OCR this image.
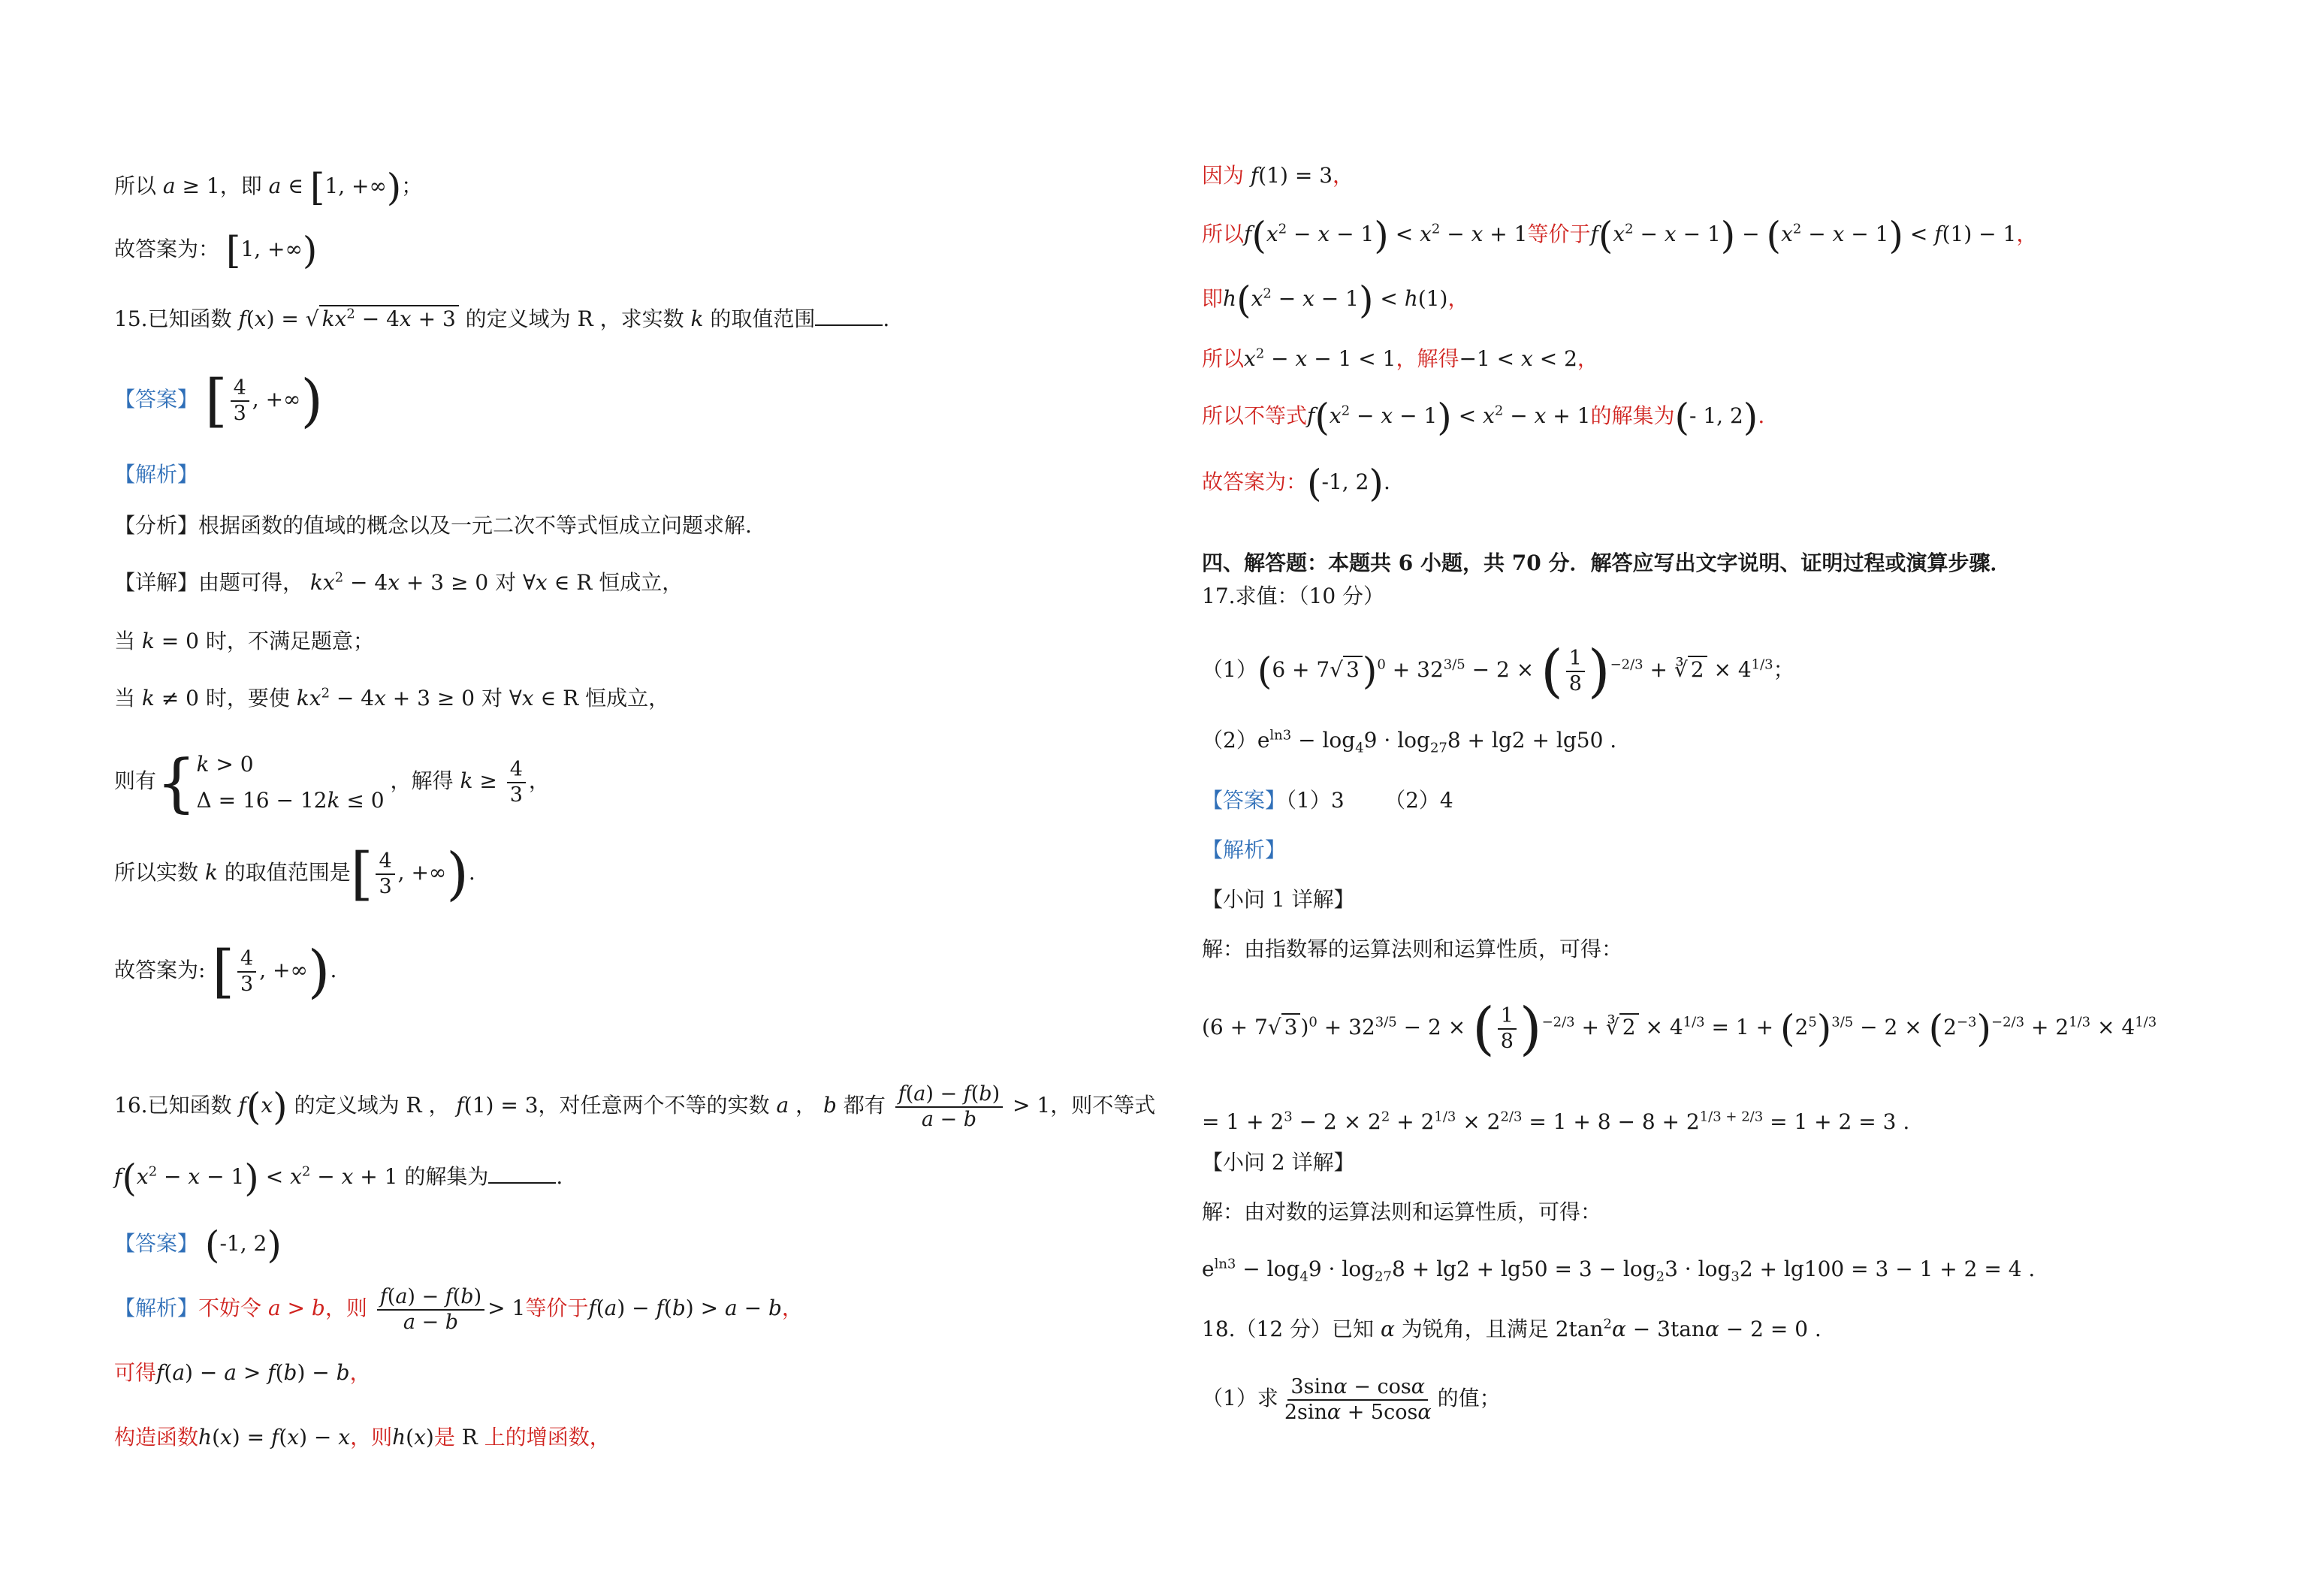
所以 a ≥ 1，即 a ∈ [1, +∞)；
故答案为： [1, +∞)
15.已知函数 f(x) = √ $kx^2 - 4x + 3$ 的定义域为 R ，求实数 k 的取值范围	.
【答案】 [ $\frac{4}{3}$ , +∞)
【解析】
【分析】根据函数的值域的概念以及一元二次不等式恒成立问题求解.
【详解】由题可得， $kx^2 - 4x + 3 \ge 0$ 对 ∀x ∈ R 恒成立，
当 k = 0 时，不满足题意；
当 k ≠ 0 时，要使 $kx^2 - 4x + 3 \ge 0$ 对 ∀x ∈ R 恒成立，
则有{ k > 0
Δ = 16 − 12k ≤ 0
，解得 $k \ge \frac{4}{3}$ ，
所以实数 k 的取值范围是[ $\frac{4}{3}$ , +∞).
故答案为: [ $\frac{4}{3}$ , +∞).
16.已知函数 f(x) 的定义域为 R ， f(1) = 3，对任意两个不等的实数 a ， b 都有 $\frac{f(a) - f(b)}{a - b} > 1$，则不等式
$f(x^2 - x - 1) < x^2 - x + 1$ 的解集为	.
【答案】 (-1, 2)
【解析】不妨令 a > b，则 $\frac{f(a) - f(b)}{a - b} > 1$等价于f(a) − f(b) > a − b，
可得f(a) − a > f(b) − b，
构造函数h(x) = f(x) − x，则h(x)是 R 上的增函数，
因为 f(1) = 3，
所以$f(x^2 - x - 1) < x^2 - x + 1$等价于$f(x^2 - x - 1) - (x^2 - x - 1) < f(1) - 1$，
即$h(x^2 - x - 1) < h(1)$，
所以$x^2 - x - 1 < 1$，解得−1 < x < 2，
所以不等式$f(x^2 - x - 1) < x^2 - x + 1$的解集为(- 1, 2).
故答案为：(-1, 2).
四、解答题：本题共 6 小题，共 70 分．解答应写出文字说明、证明过程或演算步骤．
17.求值：（10 分）
（1）(6 + 7√ $3)^0 + 32^{3/5} - 2$ × ( $\frac{1}{8} )^{-2/3}$ + ∛ $2 \times 4^{1/3}$；
$(2)e^{ln3} - \log_49 \cdot \log_{27}8 + \lg 2 + \lg 50$ .
【答案】（1）3 （2）4
【解析】
【小问 1 详解】
解：由指数幂的运算法则和运算性质，可得：
(6 + 7√ 3 )$^0 + 32^{3/5} - 2$ × ( $\frac{1}{8} )^{-2/3}$ + ∛ $2 \times 4^{1/3} = 1 + (2^5)^{3/5} - 2 \times (2^{-3})^{-2/3} + 2^{1/3} \times 4^{1/3}$
= $1 + 2^3 - 2 \times 2^2 + 2^{1/3} \times 2^{2/3} = 1 + 8 - 8 + 2^{1/3 + 2/3} = 1 + 2 = 3$ .
【小问 2 详解】
解：由对数的运算法则和运算性质，可得：
$e^{ln3} - \log_49 \cdot \log_{27}8 + \lg 2 + \lg 50 = 3 - \log_23 \cdot \log_32 + \lg 100 = 3 - 1 + 2 = 4$ .
18.（12 分）已知 α 为锐角，且满足 $2\tan^2\alpha - 3\tan\alpha - 2 = 0$ .
（1）求 $\frac{3\sin\alpha - \cos\alpha}{2\sin\alpha + 5\cos\alpha}$ 的值；
